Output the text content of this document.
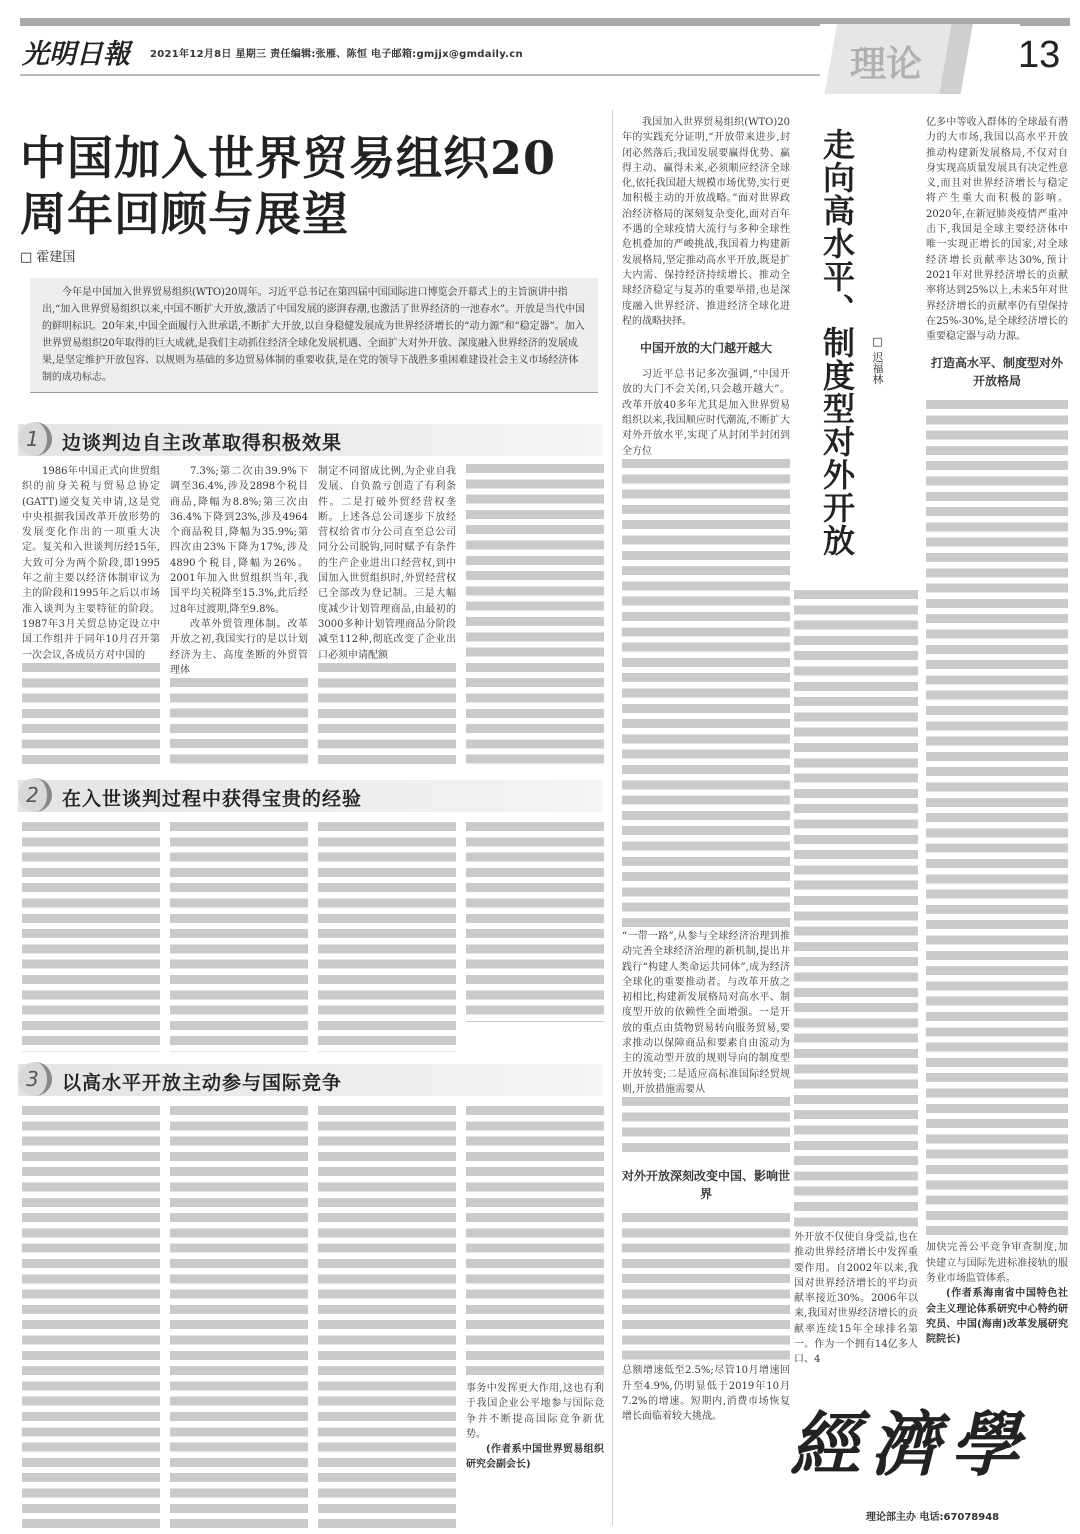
光明日報 2021年12月8日 星期三 责任编辑:张雁、陈恒 电子邮箱:gmjjx@gmdaily.cn	理论	13
中国加入世界贸易组织20周年回顾与展望
□ 霍建国
今年是中国加入世界贸易组织(WTO)20周年。习近平总书记在第四届中国国际进口博览会开幕式上的主旨演讲中指出,“加入世界贸易组织以来,中国不断扩大开放,激活了中国发展的澎湃春潮,也激活了世界经济的一池春水”。开放是当代中国的鲜明标识。20年来,中国全面履行入世承诺,不断扩大开放,以自身稳健发展成为世界经济增长的“动力源”和“稳定器”。加入世界贸易组织20年取得的巨大成就,是我们主动抓住经济全球化发展机遇、全面扩大对外开放、深度融入世界经济的发展成果,是坚定维护开放包容、以规则为基础的多边贸易体制的重要收获,是在党的领导下战胜多重困难建设社会主义市场经济体制的成功标志。
1	边谈判边自主改革取得积极效果

1986年中国正式向世贸组织的前身关税与贸易总协定(GATT)递交复关申请,这是党中央根据我国改革开放形势的发展变化作出的一项重大决定。复关和入世谈判历经15年,大致可分为两个阶段,即1995年之前主要以经济体制审议为主的阶段和1995年之后以市场准入谈判为主要特征的阶段。1987年3月关贸总协定设立中国工作组并于同年10月召开第一次会议,各成员方对中国的

7.3%;第二次由39.9%下调至36.4%,涉及2898个税目商品,降幅为8.8%;第三次由36.4%下降到23%,涉及4964个商品税目,降幅为35.9%;第四次由23%下降为17%,涉及4890个税目,降幅为26%。2001年加入世贸组织当年,我国平均关税降至15.3%,此后经过8年过渡期,降至9.8%。

改革外贸管理体制。改革开放之初,我国实行的是以计划经济为主、高度垄断的外贸管理体

制定不同留成比例,为企业自我发展、自负盈亏创造了有利条件。二是打破外贸经营权垄断。上述各总公司逐步下放经营权给省市分公司直至总公司同分公司脱钩,同时赋予有条件的生产企业进出口经营权,到中国加入世贸组织时,外贸经营权已全部改为登记制。三是大幅度减少计划管理商品,由最初的3000多种计划管理商品分阶段减至112种,彻底改变了企业出口必须申请配额

2	在入世谈判过程中获得宝贵的经验
3	以高水平开放主动参与国际竞争

事务中发挥更大作用,这也有利于我国企业公平地参与国际竞争并不断提高国际竞争新优势。

(作者系中国世界贸易组织研究会副会长)

我国加入世界贸易组织(WTO)20年的实践充分证明,“开放带来进步,封闭必然落后;我国发展要赢得优势、赢得主动、赢得未来,必须顺应经济全球化,依托我国超大规模市场优势,实行更加积极主动的开放战略。”面对世界政治经济格局的深刻复杂变化,面对百年不遇的全球疫情大流行与多种全球性危机叠加的严峻挑战,我国着力构建新发展格局,坚定推动高水平开放,既是扩大内需、保持经济持续增长、推动全球经济稳定与复苏的重要举措,也是深度融入世界经济、推进经济全球化进程的战略抉择。

中国开放的大门越开越大

习近平总书记多次强调,“中国开放的大门不会关闭,只会越开越大”。改革开放40多年尤其是加入世界贸易组织以来,我国顺应时代潮流,不断扩大对外开放水平,实现了从封闭半封闭到全方位

“一带一路”,从参与全球经济治理到推动完善全球经济治理的新机制,提出并践行“构建人类命运共同体”,成为经济全球化的重要推动者。与改革开放之初相比,构建新发展格局对高水平、制度型开放的依赖性全面增强。一是开放的重点由货物贸易转向服务贸易,要求推动以保障商品和要素自由流动为主的流动型开放的规则导向的制度型开放转变;二是适应高标准国际经贸规则,开放措施需要从

对外开放深刻改变中国、影响世界

总额增速低至2.5%;尽管10月增速回升至4.9%,仍明显低于2019年10月7.2%的增速。短期内,消费市场恢复增长面临着较大挑战。

走向高水平、制度型对外开放	□ 迟福林

亿多中等收入群体的全球最有潜力的大市场,我国以高水平开放推动构建新发展格局,不仅对自身实现高质量发展具有决定性意义,而且对世界经济增长与稳定将产生重大而积极的影响。2020年,在新冠肺炎疫情严重冲击下,我国是全球主要经济体中唯一实现正增长的国家,对全球经济增长贡献率达30%,预计2021年对世界经济增长的贡献率将达到25%以上,未来5年对世界经济增长的贡献率仍有望保持在25%-30%,是全球经济增长的重要稳定器与动力源。

打造高水平、制度型对外开放格局

加快完善公平竞争审查制度,加快建立与国际先进标准接轨的服务业市场监管体系。

(作者系海南省中国特色社会主义理论体系研究中心特约研究员、中国(海南)改革发展研究院院长)

外开放不仅使自身受益,也在推动世界经济增长中发挥重要作用。自2002年以来,我国对世界经济增长的平均贡献率接近30%。2006年以来,我国对世界经济增长的贡献率连续15年全球排名第一。作为一个拥有14亿多人口、4

經濟學
理论部主办 电话:67078948
